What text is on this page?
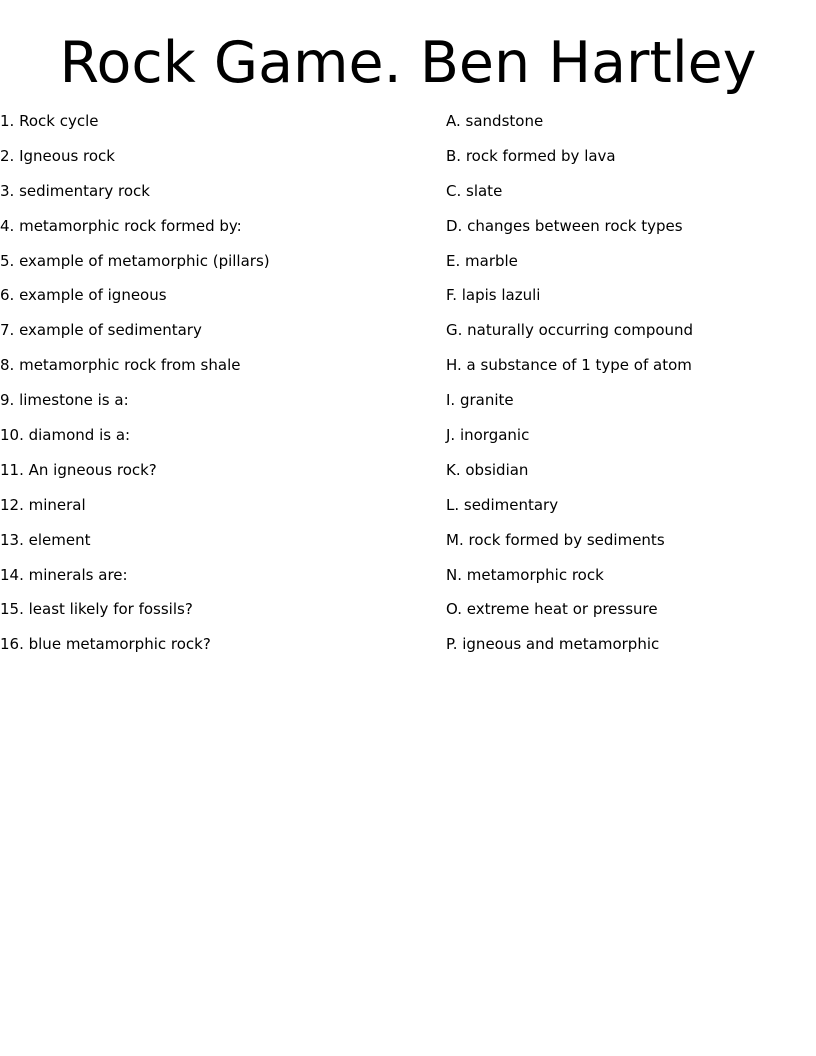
Rock Game. Ben Hartley
1. Rock cycle
2. Igneous rock
3. sedimentary rock
4. metamorphic rock formed by:
5. example of metamorphic (pillars)
6. example of igneous
7. example of sedimentary
8. metamorphic rock from shale
9. limestone is a:
10. diamond is a:
11. An igneous rock?
12. mineral
13. element
14. minerals are:
15. least likely for fossils?
16. blue metamorphic rock?
A. sandstone
B. rock formed by lava
C. slate
D. changes between rock types
E. marble
F. lapis lazuli
G. naturally occurring compound
H. a substance of 1 type of atom
I. granite
J. inorganic
K. obsidian
L. sedimentary
M. rock formed by sediments
N. metamorphic rock
O. extreme heat or pressure
P. igneous and metamorphic
